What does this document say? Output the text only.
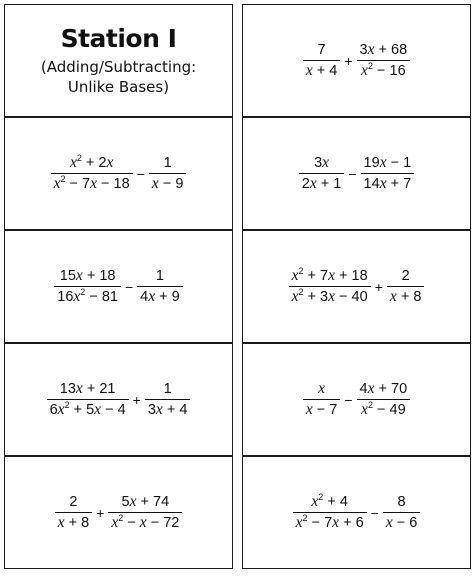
Station I
(Adding/Subtracting:
Unlike Bases)
$\frac{7}{x + 4} + \frac{3x + 68}{x^2 - 16}$
$\frac{x^2 + 2x}{x^2 - 7x - 18} - \frac{1}{x - 9}$	$\frac{3x}{2x + 1} - \frac{19x - 1}{14x + 7}$
$\frac{15x + 18}{16x^2 - 81} - \frac{1}{4x + 9}$	$\frac{x^2 + 7x + 18}{x^2 + 3x - 40} + \frac{2}{x + 8}$
$\frac{13x + 21}{6x^2 + 5x - 4} + \frac{1}{3x + 4}$	$\frac{x}{x - 7} - \frac{4x + 70}{x^2 - 49}$
$\frac{2}{x + 8} + \frac{5x + 74}{x^2 - x - 72}$	$\frac{x^2 + 4}{x^2 - 7x + 6} - \frac{8}{x - 6}$
